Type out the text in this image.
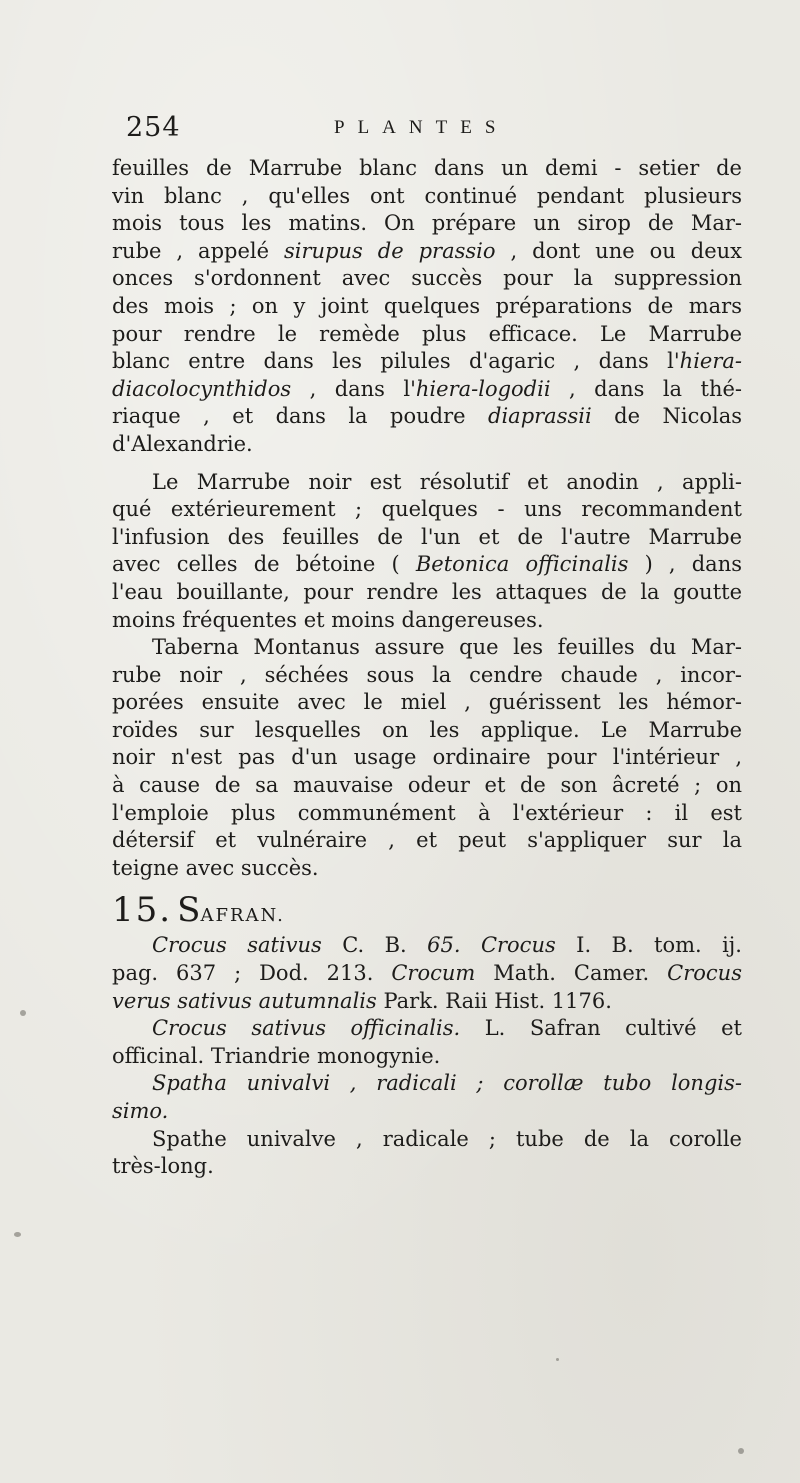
254	PLANTES
feuilles de Marrube blanc dans un demi - setier de
vin blanc , qu'elles ont continué pendant plusieurs
mois tous les matins. On prépare un sirop de Mar-
rube , appelé sirupus de prassio , dont une ou deux
onces s'ordonnent avec succès pour la suppression
des mois ; on y joint quelques préparations de mars
pour rendre le remède plus efficace. Le Marrube
blanc entre dans les pilules d'agaric , dans l'hiera-
diacolocynthidos , dans l'hiera-logodii , dans la thé-
riaque , et dans la poudre diaprassii de Nicolas
d'Alexandrie.
Le Marrube noir est résolutif et anodin , appli-
qué extérieurement ; quelques - uns recommandent
l'infusion des feuilles de l'un et de l'autre Marrube
avec celles de bétoine ( Betonica officinalis ) , dans
l'eau bouillante, pour rendre les attaques de la goutte
moins fréquentes et moins dangereuses.
Taberna Montanus assure que les feuilles du Mar-
rube noir , séchées sous la cendre chaude , incor-
porées ensuite avec le miel , guérissent les hémor-
roïdes sur lesquelles on les applique. Le Marrube
noir n'est pas d'un usage ordinaire pour l'intérieur ,
à cause de sa mauvaise odeur et de son âcreté ; on
l'emploie plus communément à l'extérieur : il est
détersif et vulnéraire , et peut s'appliquer sur la
teigne avec succès.
15. SAFRAN.
Crocus sativus C. B. 65. Crocus I. B. tom. ij.
pag. 637 ; Dod. 213. Crocum Math. Camer. Crocus
verus sativus autumnalis Park. Raii Hist. 1176.
Crocus sativus officinalis. L. Safran cultivé et
officinal. Triandrie monogynie.
Spatha univalvi , radicali ; corollæ tubo longis-
simo.
Spathe univalve , radicale ; tube de la corolle
très-long.
